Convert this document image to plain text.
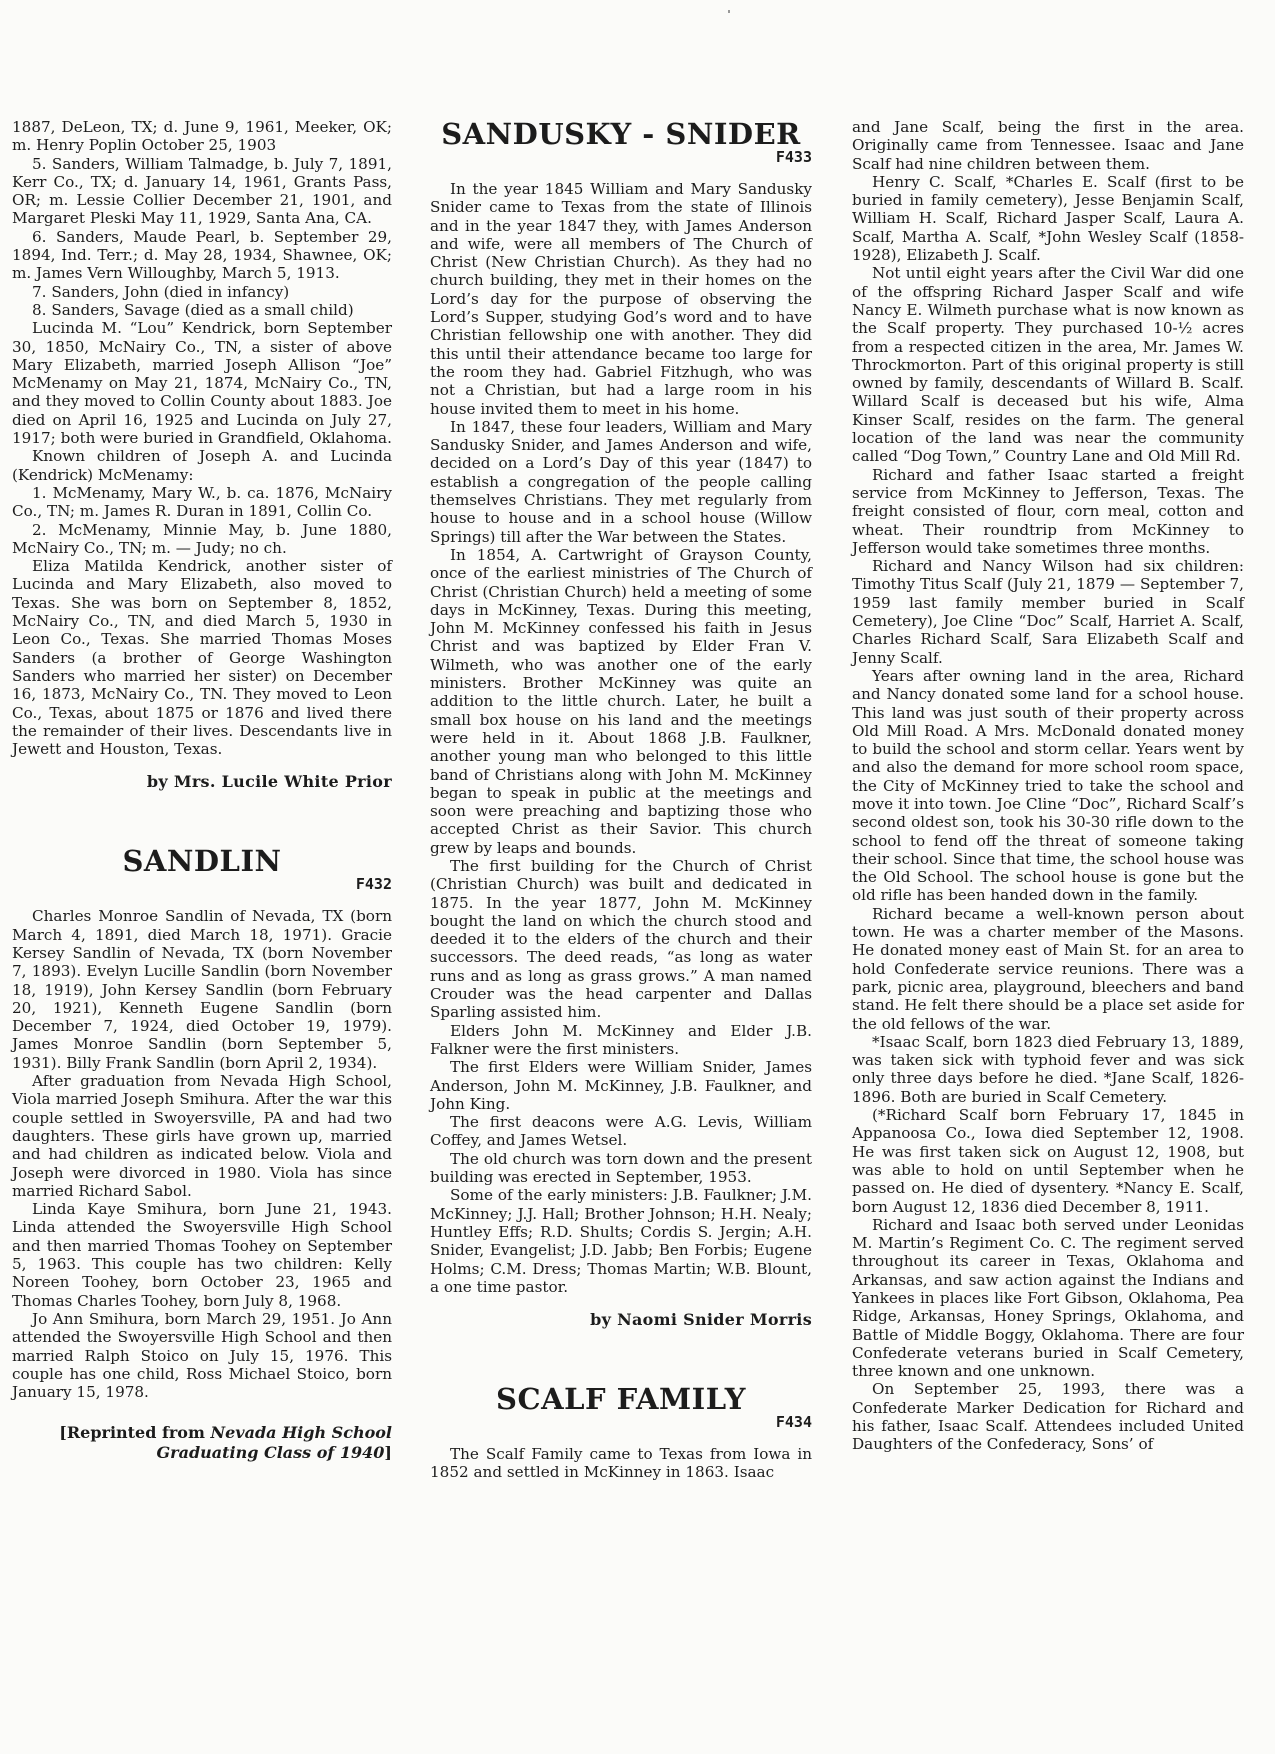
1887, DeLeon, TX; d. June 9, 1961, Meeker, OK; m. Henry Poplin October 25, 1903

5. Sanders, William Talmadge, b. July 7, 1891, Kerr Co., TX; d. January 14, 1961, Grants Pass, OR; m. Lessie Collier December 21, 1901, and Margaret Pleski May 11, 1929, Santa Ana, CA.

6. Sanders, Maude Pearl, b. September 29, 1894, Ind. Terr.; d. May 28, 1934, Shawnee, OK; m. James Vern Willoughby, March 5, 1913.

7. Sanders, John (died in infancy)

8. Sanders, Savage (died as a small child)

Lucinda M. “Lou” Kendrick, born September 30, 1850, McNairy Co., TN, a sister of above Mary Elizabeth, married Joseph Allison “Joe” McMenamy on May 21, 1874, McNairy Co., TN, and they moved to Collin County about 1883. Joe died on April 16, 1925 and Lucinda on July 27, 1917; both were buried in Grandfield, Oklahoma.

Known children of Joseph A. and Lucinda (Kendrick) McMenamy:

1. McMenamy, Mary W., b. ca. 1876, McNairy Co., TN; m. James R. Duran in 1891, Collin Co.

2. McMenamy, Minnie May, b. June 1880, McNairy Co., TN; m. — Judy; no ch.

Eliza Matilda Kendrick, another sister of Lucinda and Mary Elizabeth, also moved to Texas. She was born on September 8, 1852, McNairy Co., TN, and died March 5, 1930 in Leon Co., Texas. She married Thomas Moses Sanders (a brother of George Washington Sanders who married her sister) on December 16, 1873, McNairy Co., TN. They moved to Leon Co., Texas, about 1875 or 1876 and lived there the remainder of their lives. Descendants live in Jewett and Houston, Texas.

by Mrs. Lucile White Prior
SANDLIN
F432

Charles Monroe Sandlin of Nevada, TX (born March 4, 1891, died March 18, 1971). Gracie Kersey Sandlin of Nevada, TX (born November 7, 1893). Evelyn Lucille Sandlin (born November 18, 1919), John Kersey Sandlin (born February 20, 1921), Kenneth Eugene Sandlin (born December 7, 1924, died October 19, 1979). James Monroe Sandlin (born September 5, 1931). Billy Frank Sandlin (born April 2, 1934).

After graduation from Nevada High School, Viola married Joseph Smihura. After the war this couple settled in Swoyersville, PA and had two daughters. These girls have grown up, married and had children as indicated below. Viola and Joseph were divorced in 1980. Viola has since married Richard Sabol.

Linda Kaye Smihura, born June 21, 1943. Linda attended the Swoyersville High School and then married Thomas Toohey on September 5, 1963. This couple has two children: Kelly Noreen Toohey, born October 23, 1965 and Thomas Charles Toohey, born July 8, 1968.

Jo Ann Smihura, born March 29, 1951. Jo Ann attended the Swoyersville High School and then married Ralph Stoico on July 15, 1976. This couple has one child, Ross Michael Stoico, born January 15, 1978.

[Reprinted from Nevada High School Graduating Class of 1940]
SANDUSKY - SNIDER
F433

In the year 1845 William and Mary Sandusky Snider came to Texas from the state of Illinois and in the year 1847 they, with James Anderson and wife, were all members of The Church of Christ (New Christian Church). As they had no church building, they met in their homes on the Lord’s day for the purpose of observing the Lord’s Supper, studying God’s word and to have Christian fellowship one with another. They did this until their attendance became too large for the room they had. Gabriel Fitzhugh, who was not a Christian, but had a large room in his house invited them to meet in his home.

In 1847, these four leaders, William and Mary Sandusky Snider, and James Anderson and wife, decided on a Lord’s Day of this year (1847) to establish a congregation of the people calling themselves Christians. They met regularly from house to house and in a school house (Willow Springs) till after the War between the States.

In 1854, A. Cartwright of Grayson County, once of the earliest ministries of The Church of Christ (Christian Church) held a meeting of some days in McKinney, Texas. During this meeting, John M. McKinney confessed his faith in Jesus Christ and was baptized by Elder Fran V. Wilmeth, who was another one of the early ministers. Brother McKinney was quite an addition to the little church. Later, he built a small box house on his land and the meetings were held in it. About 1868 J.B. Faulkner, another young man who belonged to this little band of Christians along with John M. McKinney began to speak in public at the meetings and soon were preaching and baptizing those who accepted Christ as their Savior. This church grew by leaps and bounds.

The first building for the Church of Christ (Christian Church) was built and dedicated in 1875. In the year 1877, John M. McKinney bought the land on which the church stood and deeded it to the elders of the church and their successors. The deed reads, “as long as water runs and as long as grass grows.” A man named Crouder was the head carpenter and Dallas Sparling assisted him.

Elders John M. McKinney and Elder J.B. Falkner were the first ministers.

The first Elders were William Snider, James Anderson, John M. McKinney, J.B. Faulkner, and John King.

The first deacons were A.G. Levis, William Coffey, and James Wetsel.

The old church was torn down and the present building was erected in September, 1953.

Some of the early ministers: J.B. Faulkner; J.M. McKinney; J.J. Hall; Brother Johnson; H.H. Nealy; Huntley Effs; R.D. Shults; Cordis S. Jergin; A.H. Snider, Evangelist; J.D. Jabb; Ben Forbis; Eugene Holms; C.M. Dress; Thomas Martin; W.B. Blount, a one time pastor.

by Naomi Snider Morris
SCALF FAMILY
F434

The Scalf Family came to Texas from Iowa in 1852 and settled in McKinney in 1863. Isaac

and Jane Scalf, being the first in the area. Originally came from Tennessee. Isaac and Jane Scalf had nine children between them.

Henry C. Scalf, *Charles E. Scalf (first to be buried in family cemetery), Jesse Benjamin Scalf, William H. Scalf, Richard Jasper Scalf, Laura A. Scalf, Martha A. Scalf, *John Wesley Scalf (1858-1928), Elizabeth J. Scalf.

Not until eight years after the Civil War did one of the offspring Richard Jasper Scalf and wife Nancy E. Wilmeth purchase what is now known as the Scalf property. They purchased 10-½ acres from a respected citizen in the area, Mr. James W. Throckmorton. Part of this original property is still owned by family, descendants of Willard B. Scalf. Willard Scalf is deceased but his wife, Alma Kinser Scalf, resides on the farm. The general location of the land was near the community called “Dog Town,” Country Lane and Old Mill Rd.

Richard and father Isaac started a freight service from McKinney to Jefferson, Texas. The freight consisted of flour, corn meal, cotton and wheat. Their roundtrip from McKinney to Jefferson would take sometimes three months.

Richard and Nancy Wilson had six children: Timothy Titus Scalf (July 21, 1879 — September 7, 1959 last family member buried in Scalf Cemetery), Joe Cline “Doc” Scalf, Harriet A. Scalf, Charles Richard Scalf, Sara Elizabeth Scalf and Jenny Scalf.

Years after owning land in the area, Richard and Nancy donated some land for a school house. This land was just south of their property across Old Mill Road. A Mrs. McDonald donated money to build the school and storm cellar. Years went by and also the demand for more school room space, the City of McKinney tried to take the school and move it into town. Joe Cline “Doc”, Richard Scalf’s second oldest son, took his 30-30 rifle down to the school to fend off the threat of someone taking their school. Since that time, the school house was the Old School. The school house is gone but the old rifle has been handed down in the family.

Richard became a well-known person about town. He was a charter member of the Masons. He donated money east of Main St. for an area to hold Confederate service reunions. There was a park, picnic area, playground, bleechers and band stand. He felt there should be a place set aside for the old fellows of the war.

*Isaac Scalf, born 1823 died February 13, 1889, was taken sick with typhoid fever and was sick only three days before he died. *Jane Scalf, 1826-1896. Both are buried in Scalf Cemetery.

(*Richard Scalf born February 17, 1845 in Appanoosa Co., Iowa died September 12, 1908. He was first taken sick on August 12, 1908, but was able to hold on until September when he passed on. He died of dysentery. *Nancy E. Scalf, born August 12, 1836 died December 8, 1911.

Richard and Isaac both served under Leonidas M. Martin’s Regiment Co. C. The regiment served throughout its career in Texas, Oklahoma and Arkansas, and saw action against the Indians and Yankees in places like Fort Gibson, Oklahoma, Pea Ridge, Arkansas, Honey Springs, Oklahoma, and Battle of Middle Boggy, Oklahoma. There are four Confederate veterans buried in Scalf Cemetery, three known and one unknown.

On September 25, 1993, there was a Confederate Marker Dedication for Richard and his father, Isaac Scalf. Attendees included United Daughters of the Confederacy, Sons’ of
